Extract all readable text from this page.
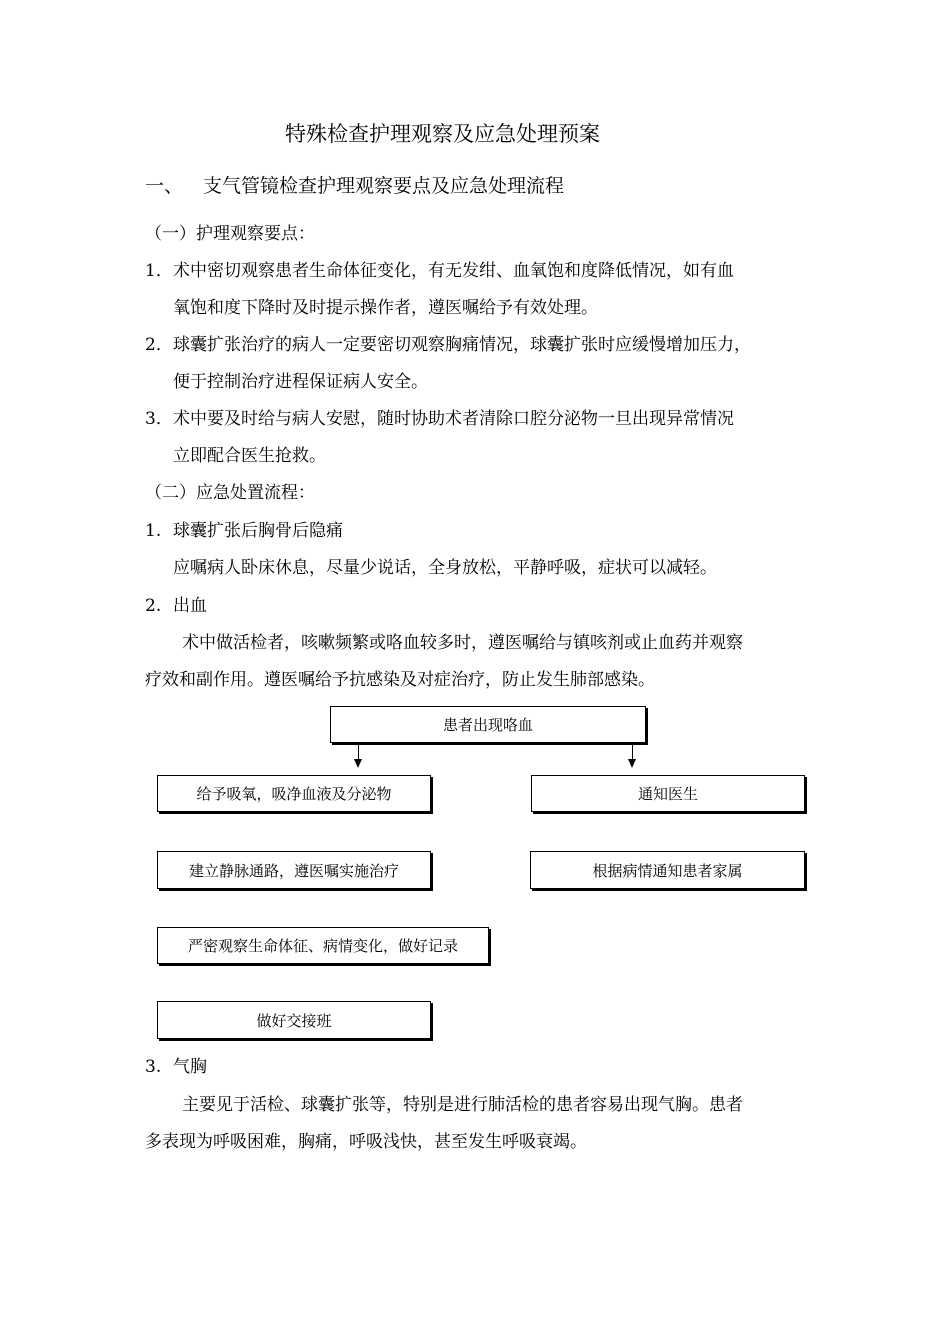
特殊检查护理观察及应急处理预案
一、 支气管镜检查护理观察要点及应急处理流程
（一）护理观察要点：
1． 术中密切观察患者生命体征变化，有无发绀、血氧饱和度降低情况，如有血
氧饱和度下降时及时提示操作者，遵医嘱给予有效处理。
2． 球囊扩张治疗的病人一定要密切观察胸痛情况，球囊扩张时应缓慢增加压力，
便于控制治疗进程保证病人安全。
3． 术中要及时给与病人安慰，随时协助术者清除口腔分泌物一旦出现异常情况
立即配合医生抢救。
（二）应急处置流程：
1. 球囊扩张后胸骨后隐痛
应嘱病人卧床休息，尽量少说话，全身放松，平静呼吸，症状可以减轻。
2. 出血
术中做活检者，咳嗽频繁或咯血较多时，遵医嘱给与镇咳剂或止血药并观察
疗效和副作用。遵医嘱给予抗感染及对症治疗，防止发生肺部感染。
患者出现咯血
给予吸氧，吸净血液及分泌物	通知医生
建立静脉通路，遵医嘱实施治疗	根据病情通知患者家属
严密观察生命体征、病情变化，做好记录
做好交接班
3. 气胸
主要见于活检、球囊扩张等，特别是进行肺活检的患者容易出现气胸。患者
多表现为呼吸困难，胸痛，呼吸浅快，甚至发生呼吸衰竭。
